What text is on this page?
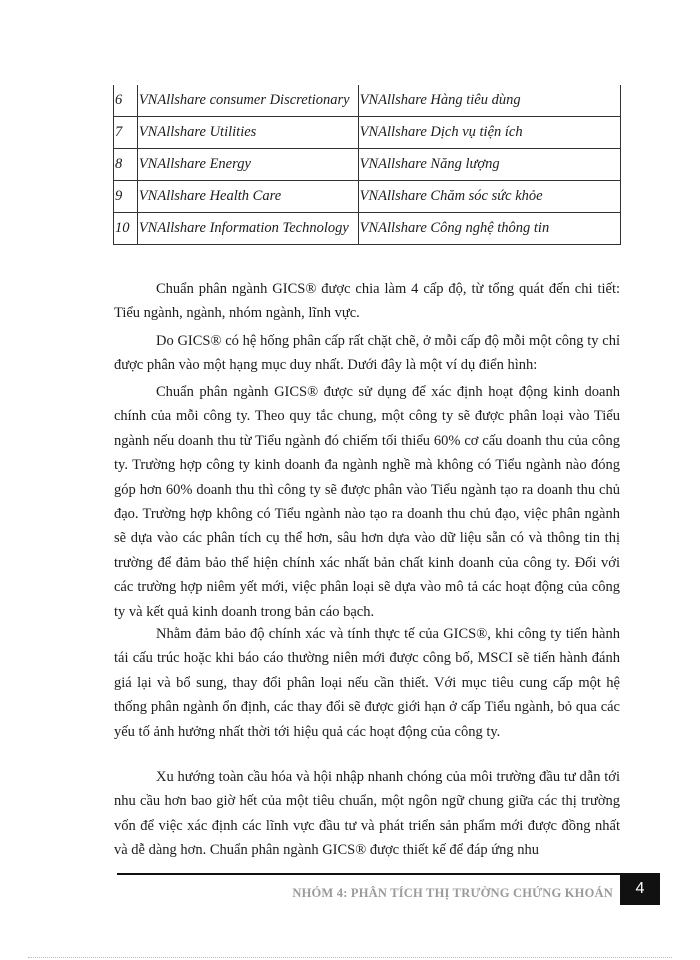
6	VNAllshare consumer Discretionary	VNAllshare Hàng tiêu dùng
7	VNAllshare Utilities	VNAllshare Dịch vụ tiện ích
8	VNAllshare Energy	VNAllshare Năng lượng
9	VNAllshare Health Care	VNAllshare Chăm sóc sức khỏe
10	VNAllshare Information Technology	VNAllshare Công nghệ thông tin

Chuẩn phân ngành GICS® được chia làm 4 cấp độ, từ tổng quát đến chi tiết: Tiểu ngành, ngành, nhóm ngành, lĩnh vực.

Do GICS® có hệ hống phân cấp rất chặt chẽ, ở mỗi cấp độ mỗi một công ty chỉ được phân vào một hạng mục duy nhất. Dưới đây là một ví dụ điển hình:

Chuẩn phân ngành GICS® được sử dụng để xác định hoạt động kinh doanh chính của mỗi công ty. Theo quy tắc chung, một công ty sẽ được phân loại vào Tiểu ngành nếu doanh thu từ Tiểu ngành đó chiếm tối thiểu 60% cơ cấu doanh thu của công ty. Trường hợp công ty kinh doanh đa ngành nghề mà không có Tiểu ngành nào đóng góp hơn 60% doanh thu thì công ty sẽ được phân vào Tiểu ngành tạo ra doanh thu chủ đạo. Trường hợp không có Tiểu ngành nào tạo ra doanh thu chủ đạo, việc phân ngành sẽ dựa vào các phân tích cụ thể hơn, sâu hơn dựa vào dữ liệu sẵn có và thông tin thị trường để đảm bảo thể hiện chính xác nhất bản chất kinh doanh của công ty. Đối với các trường hợp niêm yết mới, việc phân loại sẽ dựa vào mô tả các hoạt động của công ty và kết quả kinh doanh trong bản cáo bạch.

Nhằm đảm bảo độ chính xác và tính thực tế của GICS®, khi công ty tiến hành tái cấu trúc hoặc khi báo cáo thường niên mới được công bố, MSCI sẽ tiến hành đánh giá lại và bổ sung, thay đổi phân loại nếu cần thiết. Với mục tiêu cung cấp một hệ thống phân ngành ổn định, các thay đổi sẽ được giới hạn ở cấp Tiểu ngành, bỏ qua các yếu tố ảnh hưởng nhất thời tới hiệu quả các hoạt động của công ty.

Xu hướng toàn cầu hóa và hội nhập nhanh chóng của môi trường đầu tư dẫn tới nhu cầu hơn bao giờ hết của một tiêu chuẩn, một ngôn ngữ chung giữa các thị trường vốn để việc xác định các lĩnh vực đầu tư và phát triển sản phẩm mới được đồng nhất và dễ dàng hơn. Chuẩn phân ngành GICS® được thiết kế để đáp ứng nhu

NHÓM 4: PHÂN TÍCH THỊ TRƯỜNG CHỨNG KHOÁN	4
